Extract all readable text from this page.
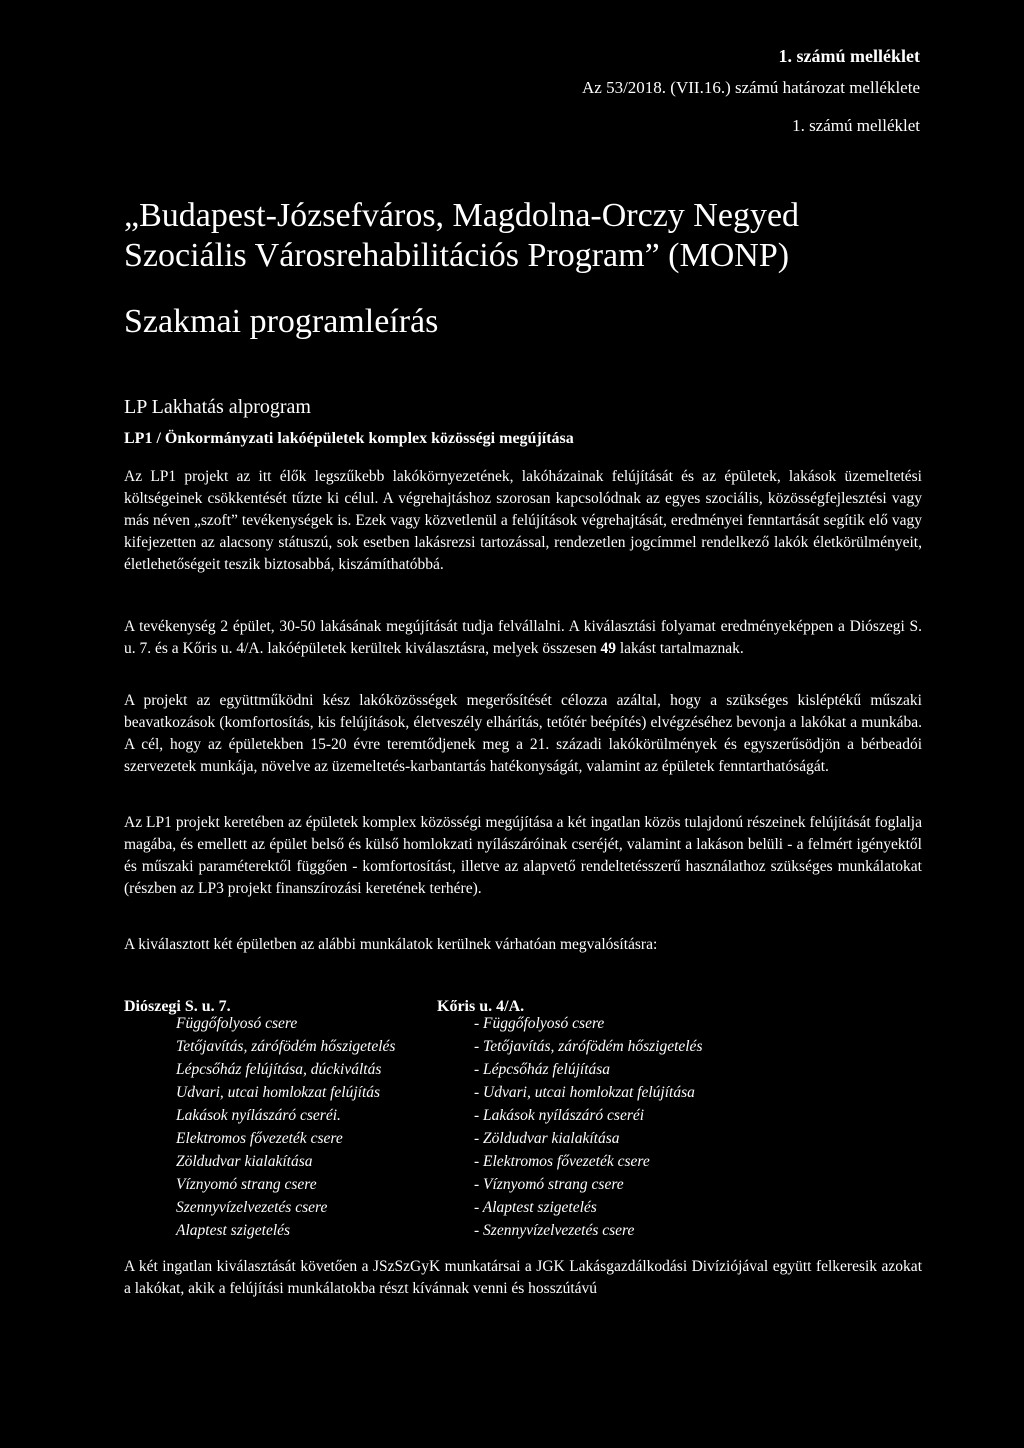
1. számú melléklet
Az 53/2018. (VII.16.) számú határozat melléklete
1. számú melléklet
„Budapest-Józsefváros, Magdolna-Orczy Negyed
Szociális Városrehabilitációs Program” (MONP)
Szakmai programleírás
LP Lakhatás alprogram
LP1 / Önkormányzati lakóépületek komplex közösségi megújítása
Az LP1 projekt az itt élők legszűkebb lakókörnyezetének, lakóházainak felújítását és az épületek, lakások üzemeltetési költségeinek csökkentését tűzte ki célul. A végrehajtáshoz szorosan kapcsolódnak az egyes szociális, közösségfejlesztési vagy más néven „szoft” tevékenységek is. Ezek vagy közvetlenül a felújítások végrehajtását, eredményei fenntartását segítik elő vagy kifejezetten az alacsony státuszú, sok esetben lakásrezsi tartozással, rendezetlen jogcímmel rendelkező lakók életkörülményeit, életlehetőségeit teszik biztosabbá, kiszámíthatóbbá.
A tevékenység 2 épület, 30-50 lakásának megújítását tudja felvállalni. A kiválasztási folyamat eredményeképpen a Diószegi S. u. 7. és a Kőris u. 4/A. lakóépületek kerültek kiválasztásra, melyek összesen 49 lakást tartalmaznak.
A projekt az együttműködni kész lakóközösségek megerősítését célozza azáltal, hogy a szükséges kisléptékű műszaki beavatkozások (komfortosítás, kis felújítások, életveszély elhárítás, tetőtér beépítés) elvégzéséhez bevonja a lakókat a munkába. A cél, hogy az épületekben 15-20 évre teremtődjenek meg a 21. századi lakókörülmények és egyszerűsödjön a bérbeadói szervezetek munkája, növelve az üzemeltetés-karbantartás hatékonyságát, valamint az épületek fenntarthatóságát.
Az LP1 projekt keretében az épületek komplex közösségi megújítása a két ingatlan közös tulajdonú részeinek felújítását foglalja magába, és emellett az épület belső és külső homlokzati nyílászáróinak cseréjét, valamint a lakáson belüli - a felmért igényektől és műszaki paraméterektől függően - komfortosítást, illetve az alapvető rendeltetésszerű használathoz szükséges munkálatokat (részben az LP3 projekt finanszírozási keretének terhére).
A kiválasztott két épületben az alábbi munkálatok kerülnek várhatóan megvalósításra:
Diószegi S. u. 7.	Kőris u. 4/A.
Függőfolyosó csere
Tetőjavítás, zárófödém hőszigetelés
Lépcsőház felújítása, dúckiváltás
Udvari, utcai homlokzat felújítás
Lakások nyílászáró cseréi.
Elektromos fővezeték csere
Zöldudvar kialakítása
Víznyomó strang csere
Szennyvízelvezetés csere
Alaptest szigetelés
- Függőfolyosó csere
- Tetőjavítás, zárófödém hőszigetelés
- Lépcsőház felújítása
- Udvari, utcai homlokzat felújítása
- Lakások nyílászáró cseréi
- Zöldudvar kialakítása
- Elektromos fővezeték csere
- Víznyomó strang csere
- Alaptest szigetelés
- Szennyvízelvezetés csere
A két ingatlan kiválasztását követően a JSzSzGyK munkatársai a JGK Lakásgazdálkodási Divíziójával együtt felkeresik azokat a lakókat, akik a felújítási munkálatokba részt kívánnak venni és hosszútávú
